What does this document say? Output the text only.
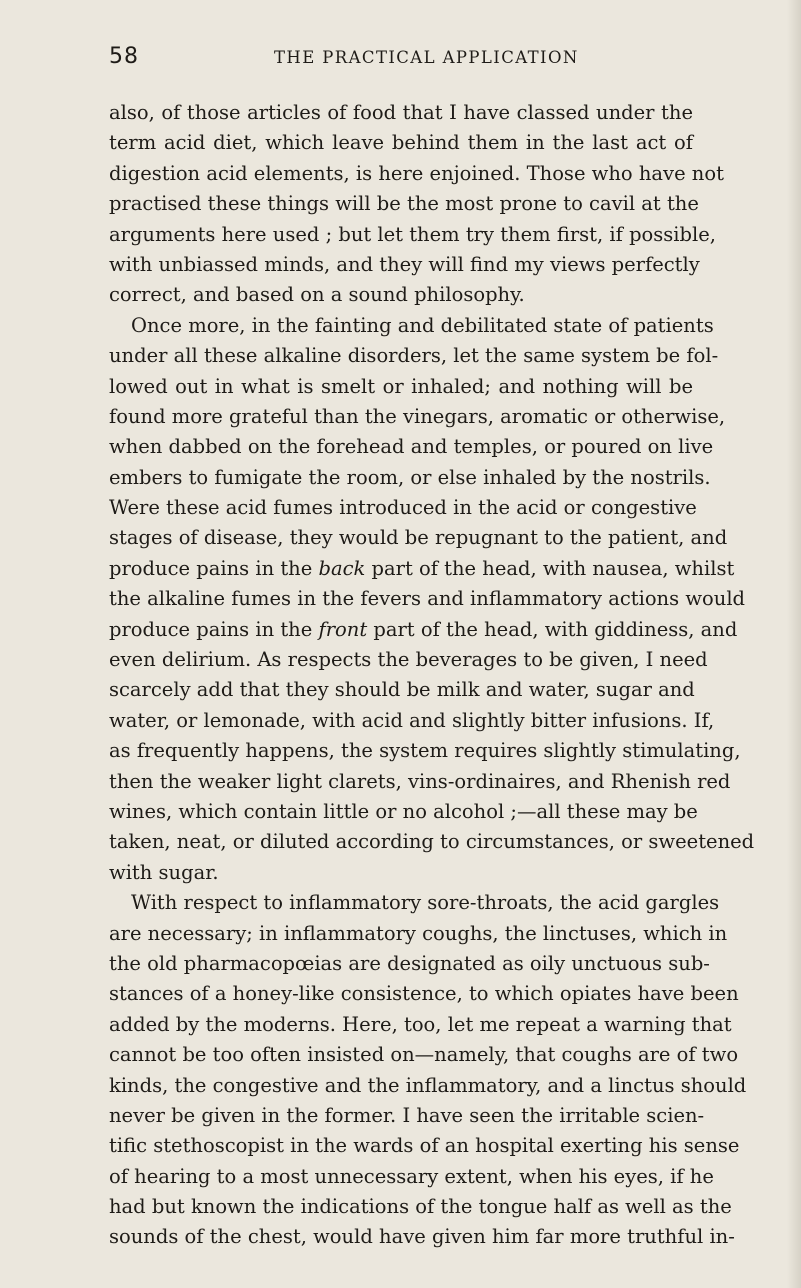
58	THE PRACTICAL APPLICATION
also, of those articles of food that I have classed under the
term acid diet, which leave behind them in the last act of
digestion acid elements, is here enjoined. Those who have not
practised these things will be the most prone to cavil at the
arguments here used ; but let them try them first, if possible,
with unbiassed minds, and they will find my views perfectly
correct, and based on a sound philosophy.
Once more, in the fainting and debilitated state of patients
under all these alkaline disorders, let the same system be fol-
lowed out in what is smelt or inhaled; and nothing will be
found more grateful than the vinegars, aromatic or otherwise,
when dabbed on the forehead and temples, or poured on live
embers to fumigate the room, or else inhaled by the nostrils.
Were these acid fumes introduced in the acid or congestive
stages of disease, they would be repugnant to the patient, and
produce pains in the back part of the head, with nausea, whilst
the alkaline fumes in the fevers and inflammatory actions would
produce pains in the front part of the head, with giddiness, and
even delirium. As respects the beverages to be given, I need
scarcely add that they should be milk and water, sugar and
water, or lemonade, with acid and slightly bitter infusions. If,
as frequently happens, the system requires slightly stimulating,
then the weaker light clarets, vins-ordinaires, and Rhenish red
wines, which contain little or no alcohol ;—all these may be
taken, neat, or diluted according to circumstances, or sweetened
with sugar.
With respect to inflammatory sore-throats, the acid gargles
are necessary; in inflammatory coughs, the linctuses, which in
the old pharmacopœias are designated as oily unctuous sub-
stances of a honey-like consistence, to which opiates have been
added by the moderns. Here, too, let me repeat a warning that
cannot be too often insisted on—namely, that coughs are of two
kinds, the congestive and the inflammatory, and a linctus should
never be given in the former. I have seen the irritable scien-
tific stethoscopist in the wards of an hospital exerting his sense
of hearing to a most unnecessary extent, when his eyes, if he
had but known the indications of the tongue half as well as the
sounds of the chest, would have given him far more truthful in-
